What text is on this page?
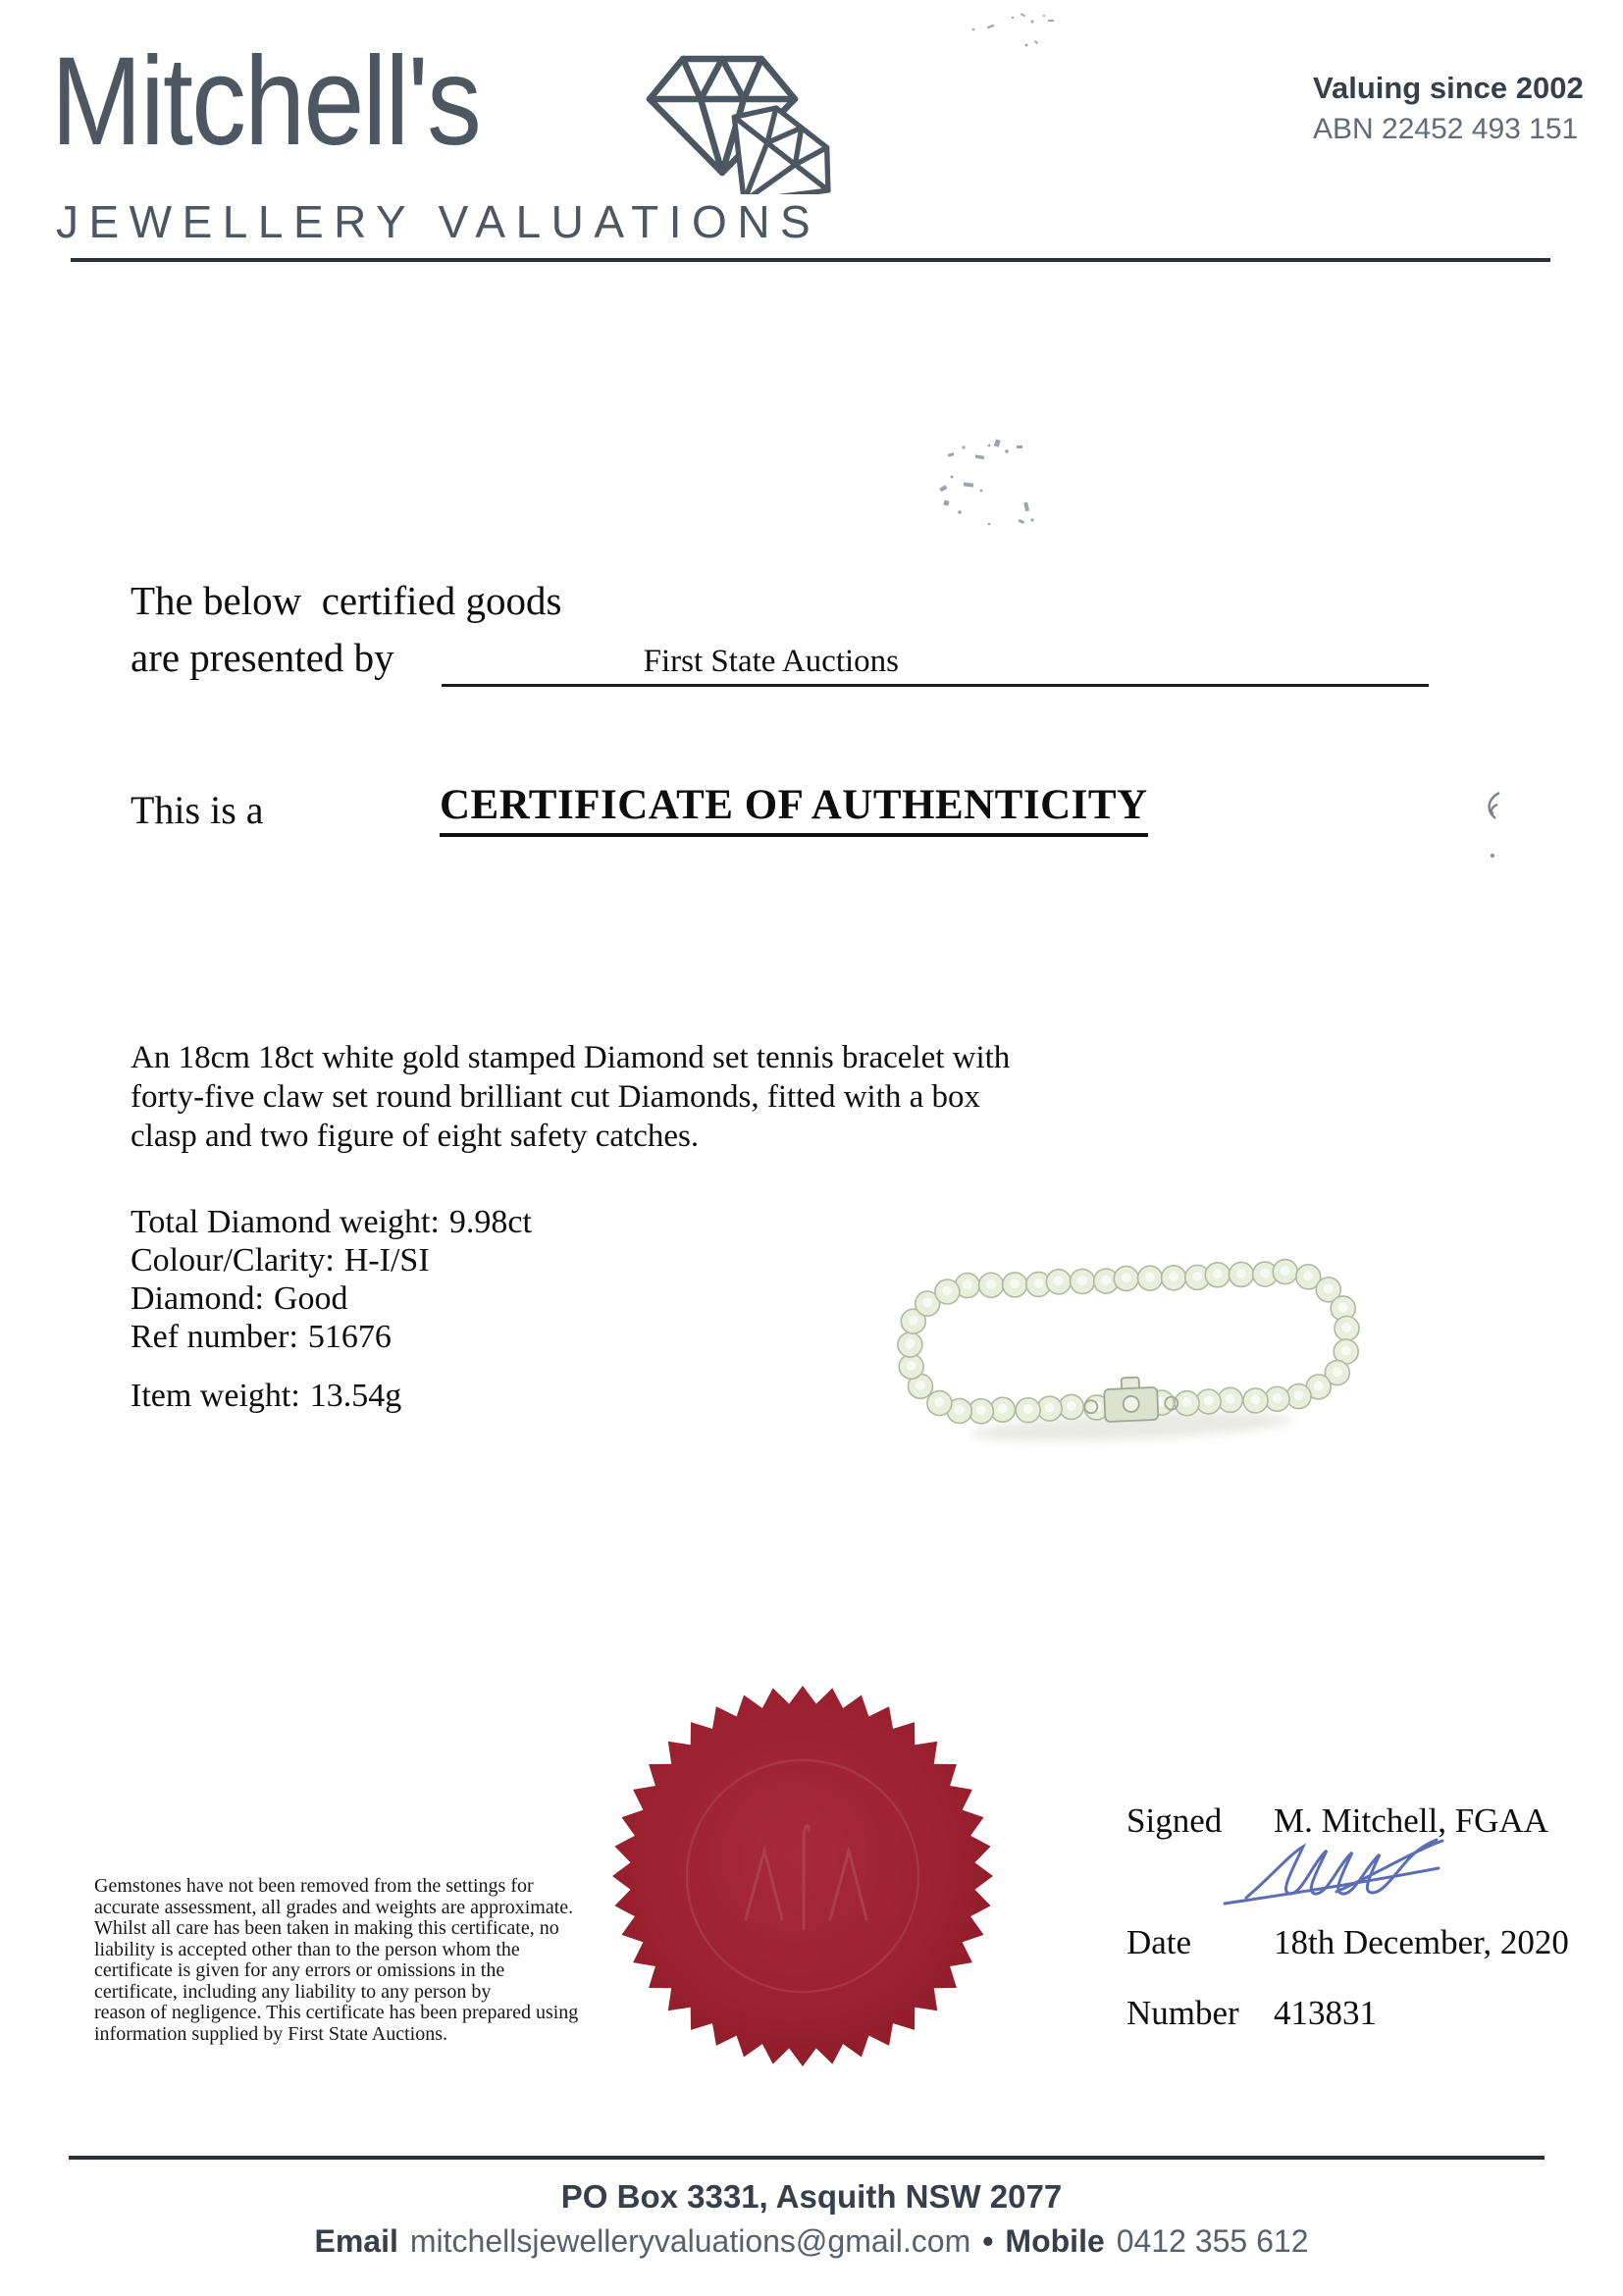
Mitchell's
JEWELLERY VALUATIONS
Valuing since 2002
ABN 22452 493 151
The below  certified goods
are presented by	First State Auctions
This is a	CERTIFICATE OF AUTHENTICITY
An 18cm 18ct white gold stamped Diamond set tennis bracelet with
forty-five claw set round brilliant cut Diamonds, fitted with a box
clasp and two figure of eight safety catches.
Total Diamond weight: 9.98ct
Colour/Clarity: H-I/SI
Diamond: Good
Ref number: 51676
Item weight: 13.54g
Gemstones have not been removed from the settings for
accurate assessment, all grades and weights are approximate.
Whilst all care has been taken in making this certificate, no
liability is accepted other than to the person whom the
certificate is given for any errors or omissions in the
certificate, including any liability to any person by
reason of negligence. This certificate has been prepared using
information supplied by First State Auctions.
Signed M. Mitchell, FGAA
Date 18th December, 2020
Number 413831
PO Box 3331, Asquith NSW 2077
Email mitchellsjewelleryvaluations@gmail.com • Mobile 0412 355 612
